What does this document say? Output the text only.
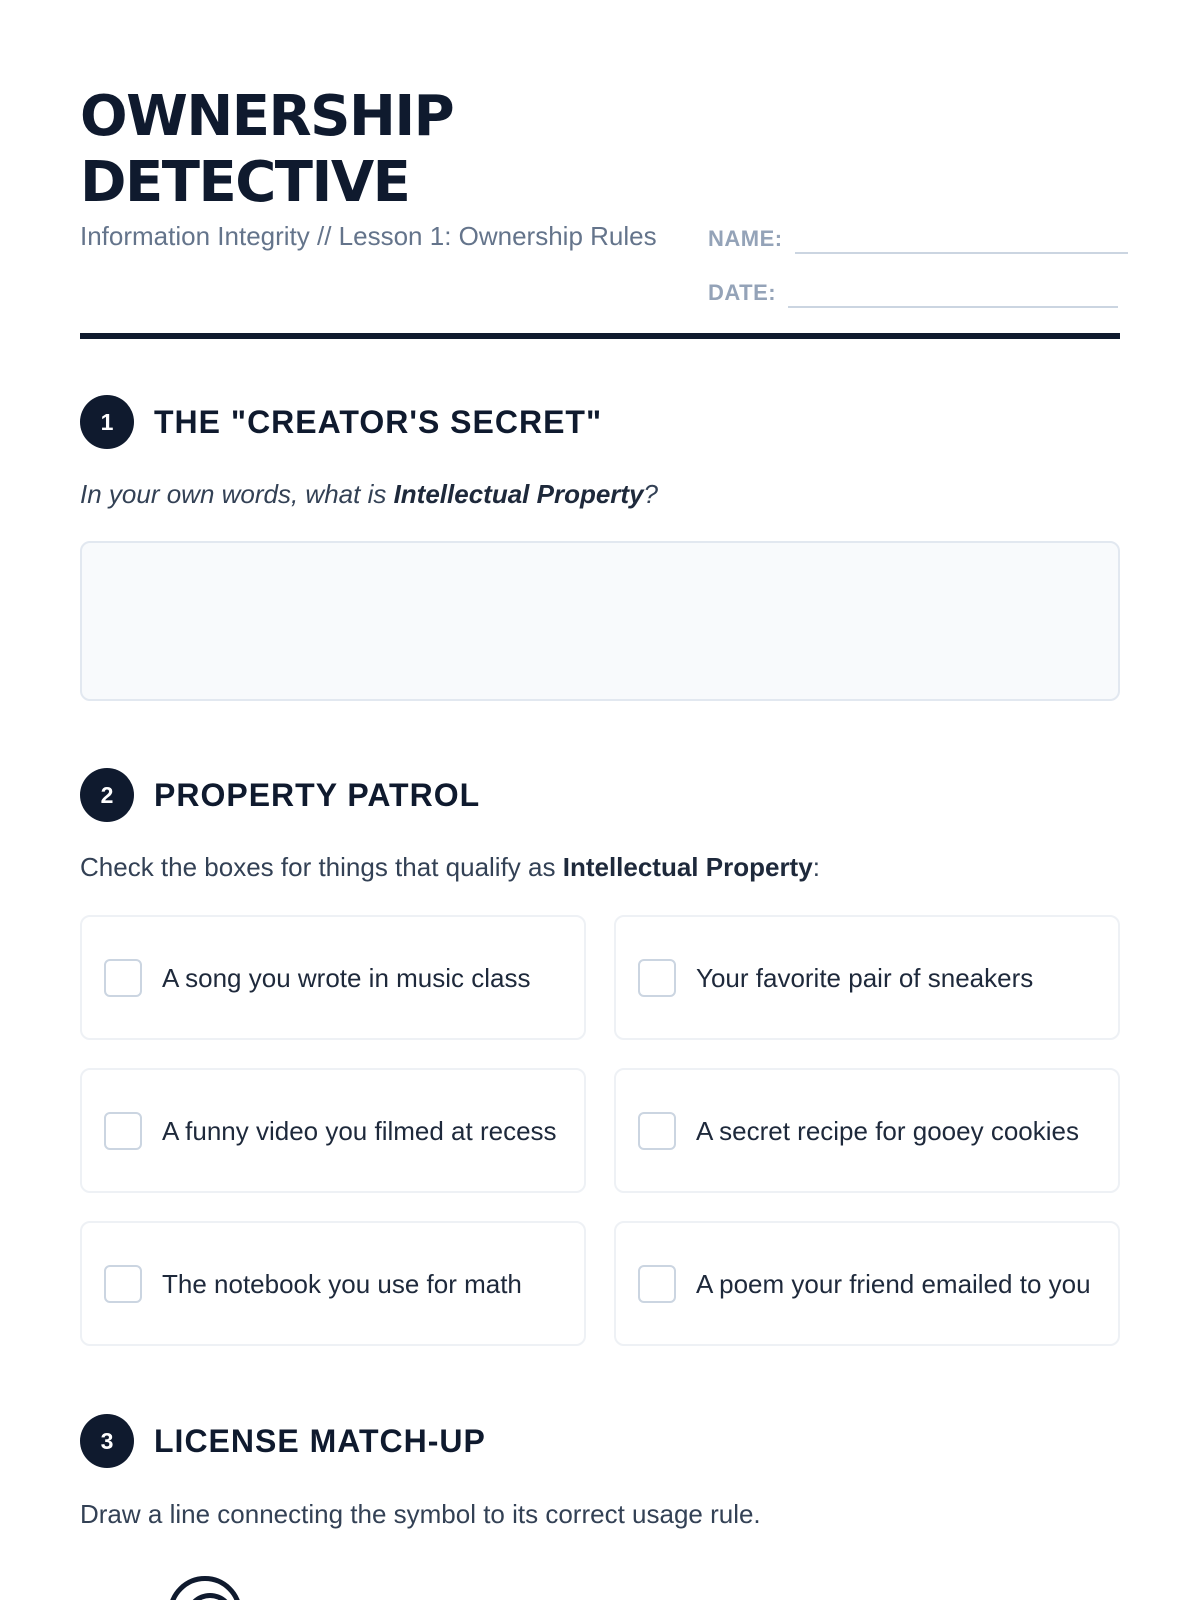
OWNERSHIP
DETECTIVE
Information Integrity // Lesson 1: Ownership Rules NAME:
DATE:
1	THE "CREATOR'S SECRET"
In your own words, what is Intellectual Property?
2	PROPERTY PATROL
Check the boxes for things that qualify as Intellectual Property:
A song you wrote in music class	Your favorite pair of sneakers
A funny video you filmed at recess	A secret recipe for gooey cookies
The notebook you use for math	A poem your friend emailed to you
3	LICENSE MATCH-UP
Draw a line connecting the symbol to its correct usage rule.
